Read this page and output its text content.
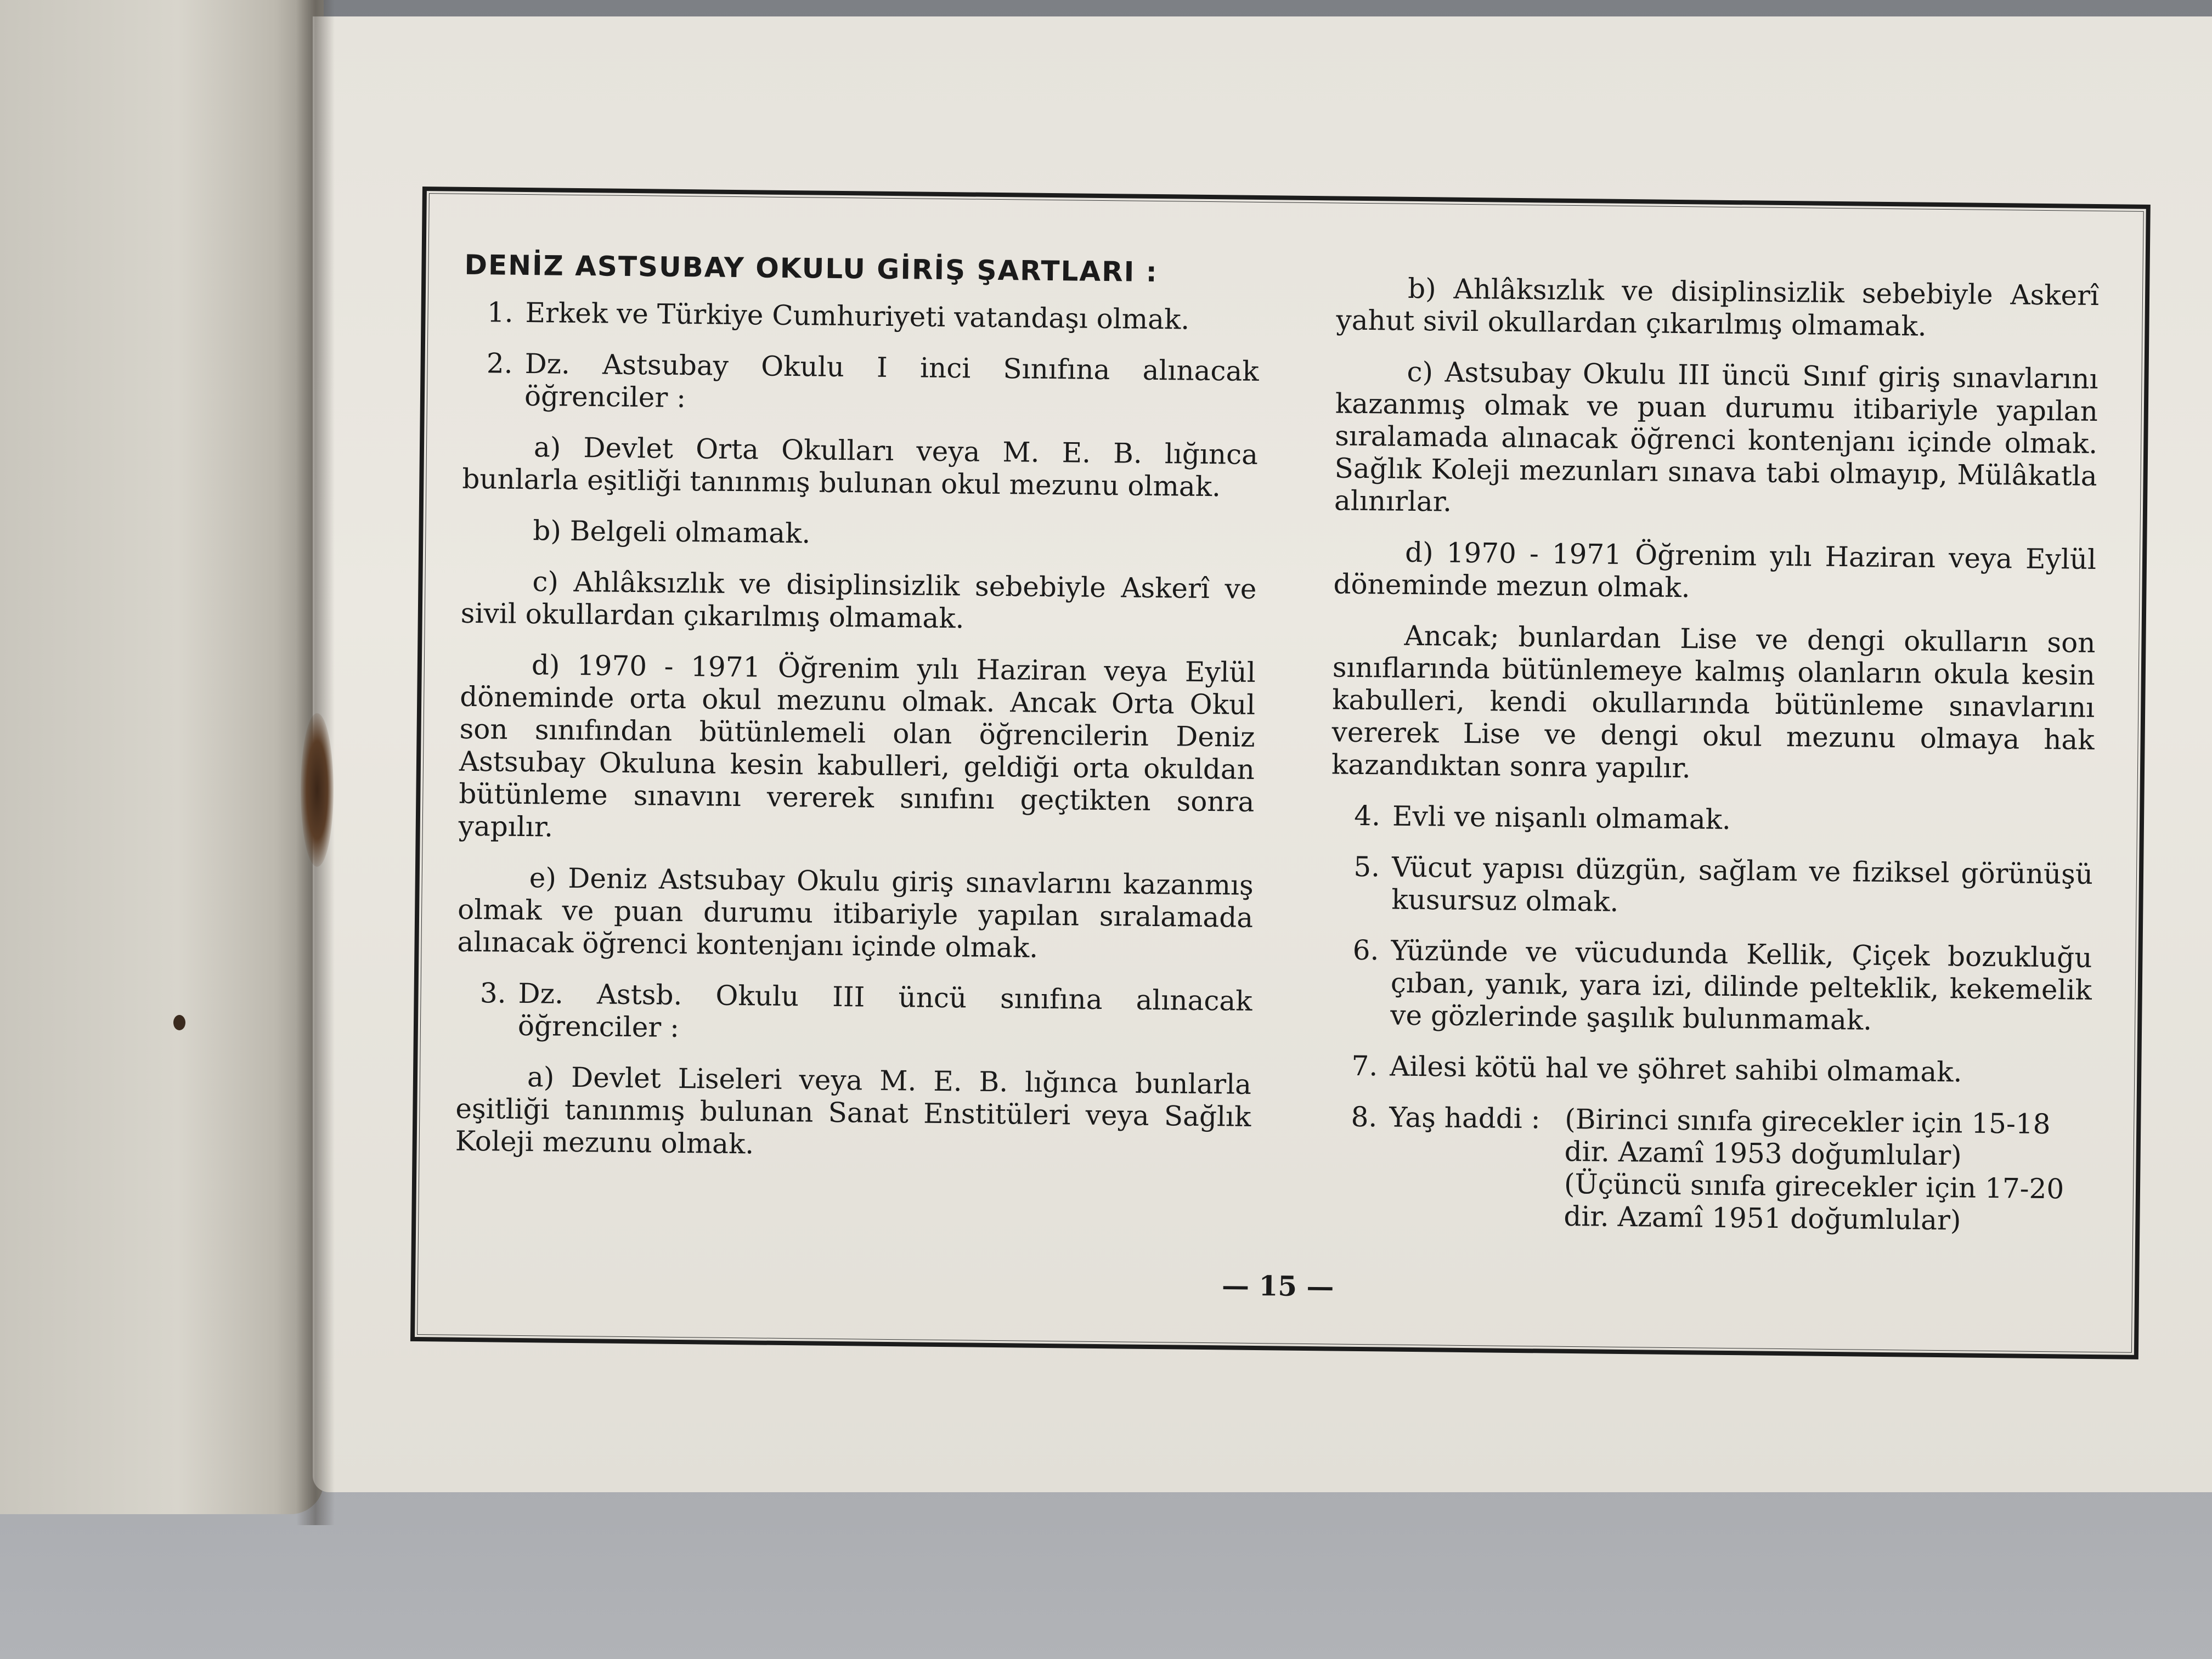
DENİZ ASTSUBAY OKULU GİRİŞ ŞARTLARI :
1. Erkek ve Türkiye Cumhuriyeti vatandaşı olmak.
2. Dz. Astsubay Okulu I inci Sınıfına alınacak öğrenciler :

a) Devlet Orta Okulları veya M. E. B. lığınca bunlarla eşitliği tanınmış bulunan okul mezunu olmak.

b) Belgeli olmamak.

c) Ahlâksızlık ve disiplinsizlik sebebiyle Askerî ve sivil okullardan çıkarılmış olmamak.

d) 1970 - 1971 Öğrenim yılı Haziran veya Eylül döneminde orta okul mezunu olmak. Ancak Orta Okul son sınıfından bütünlemeli olan öğrencilerin Deniz Astsubay Okuluna kesin kabulleri, geldiği orta okuldan bütünleme sınavını vererek sınıfını geçtikten sonra yapılır.

e) Deniz Astsubay Okulu giriş sınavlarını kazanmış olmak ve puan durumu itibariyle yapılan sıralamada alınacak öğrenci kontenjanı içinde olmak.

3. Dz. Astsb. Okulu III üncü sınıfına alınacak öğrenciler :

a) Devlet Liseleri veya M. E. B. lığınca bunlarla eşitliği tanınmış bulunan Sanat Enstitüleri veya Sağlık Koleji mezunu olmak.

b) Ahlâksızlık ve disiplinsizlik sebebiyle Askerî yahut sivil okullardan çıkarılmış olmamak.

c) Astsubay Okulu III üncü Sınıf giriş sınavlarını kazanmış olmak ve puan durumu itibariyle yapılan sıralamada alınacak öğrenci kontenjanı içinde olmak. Sağlık Koleji mezunları sınava tabi olmayıp, Mülâkatla alınırlar.

d) 1970 - 1971 Öğrenim yılı Haziran veya Eylül döneminde mezun olmak.

Ancak; bunlardan Lise ve dengi okulların son sınıflarında bütünlemeye kalmış olanların okula kesin kabulleri, kendi okullarında bütünleme sınavlarını vererek Lise ve dengi okul mezunu olmaya hak kazandıktan sonra yapılır.

4. Evli ve nişanlı olmamak.
5. Vücut yapısı düzgün, sağlam ve fiziksel görünüşü kusursuz olmak.
6. Yüzünde ve vücudunda Kellik, Çiçek bozukluğu çıban, yanık, yara izi, dilinde pelteklik, kekemelik ve gözlerinde şaşılık bulunmamak.
7. Ailesi kötü hal ve şöhret sahibi olmamak.
8. Yaş haddi : (Birinci sınıfa girecekler için 15-18 dir. Azamî 1953 doğumlular)
(Üçüncü sınıfa girecekler için 17-20 dir. Azamî 1951 doğumlular)
— 15 —
